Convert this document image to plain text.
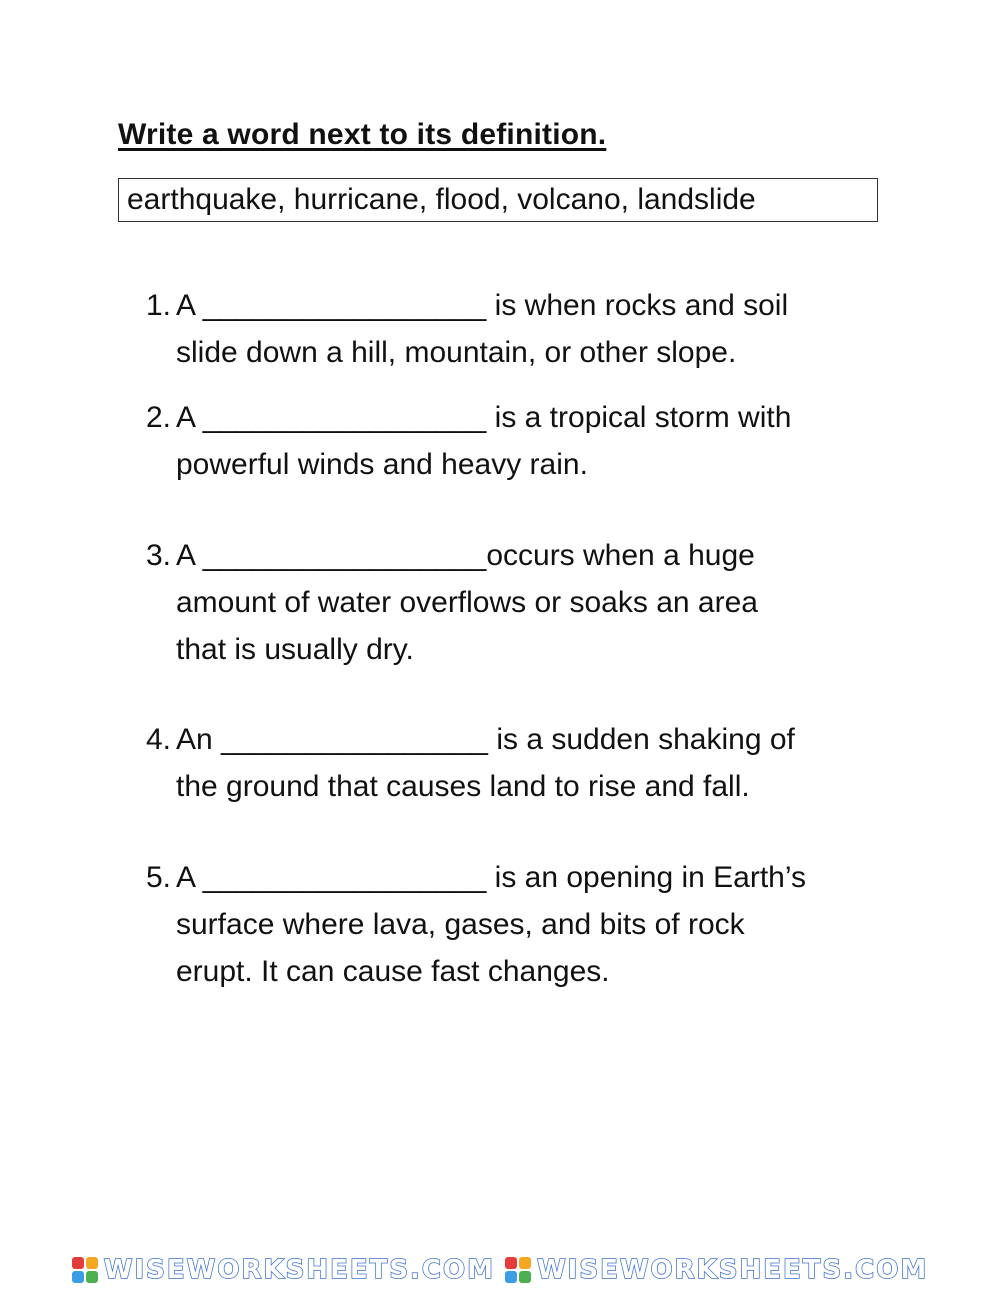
Write a word next to its definition.
earthquake, hurricane, flood, volcano, landslide
1. A _________________ is when rocks and soil
slide down a hill, mountain, or other slope.
2. A _________________ is a tropical storm with
powerful winds and heavy rain.
3. A _________________occurs when a huge
amount of water overflows or soaks an area
that is usually dry.
4. An ________________ is a sudden shaking of
the ground that causes land to rise and fall.
5. A _________________ is an opening in Earth’s
surface where lava, gases, and bits of rock
erupt. It can cause fast changes.
WISEWORKSHEETS.COM WISEWORKSHEETS.COM
